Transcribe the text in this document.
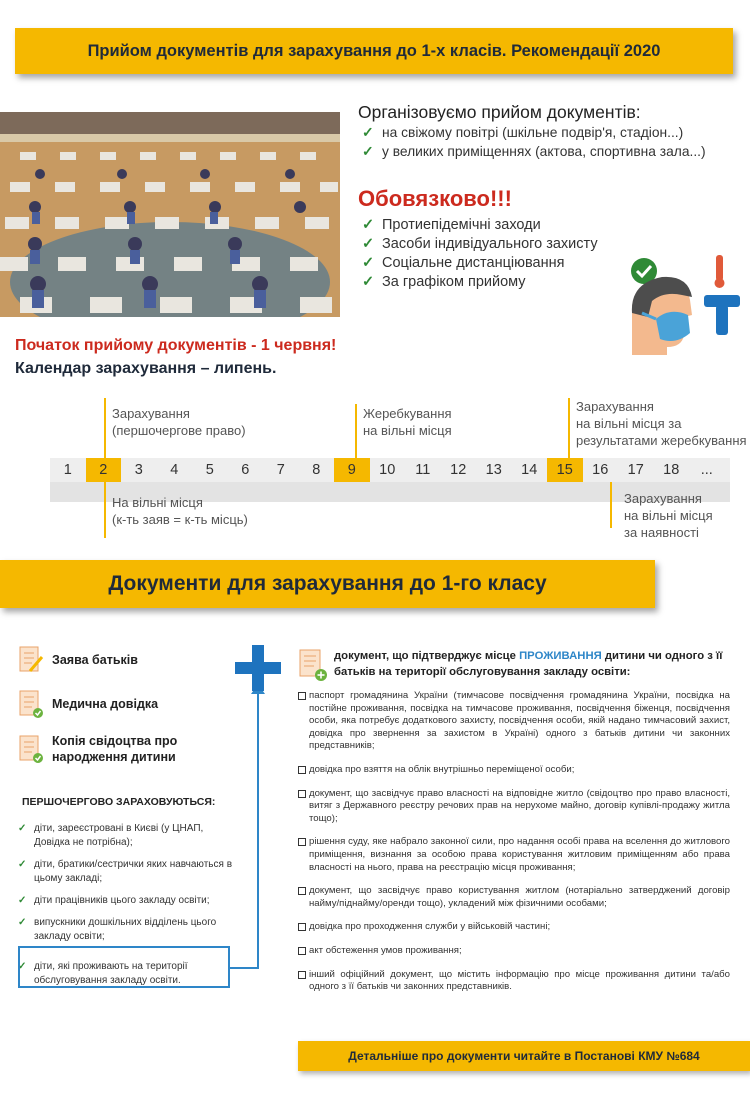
Прийом документів для зарахування до 1-х класів. Рекомендації 2020
Організовуємо прийом документів:
✓ на свіжому повітрі (шкільне подвір'я, стадіон...)
✓ у великих приміщеннях (актова, спортивна зала...)
Обовязково!!!
✓ Протиепідемічні заходи
✓ Засоби індивідуального захисту
✓ Соціальне дистанціювання
✓ За графіком прийому
Початок прийому документів - 1 червня!
Календар зарахування – липень.
1	2	3	4	5	6	7	8	9	10	11	12	13	14	15	16	17	18	...
Зарахування
(першочергове право)
На вільні місця
(к-ть заяв = к-ть місць)
Жеребкування
на вільні місця
Зарахування
на вільні місця за
результатами жеребкування
Зарахування
на вільні місця
за наявності
Документи для зарахування до 1-го класу
Заява батьків
Медична довідка
Копія свідоцтва про
народження дитини
ПЕРШОЧЕРГОВО ЗАРАХОВУЮТЬСЯ:
✓ діти, зареєстровані в Києві (у ЦНАП, Довідка не потрібна);
✓ діти, братики/сестрички яких навчаються в цьому закладі;
✓ діти працівників цього закладу освіти;
✓ випускники дошкільних відділень цього закладу освіти;
✓ діти, які проживають на території обслуговування закладу освіти.
документ, що підтверджує місце ПРОЖИВАННЯ дитини чи одного з її батьків на території обслуговування закладу освіти:
паспорт громадянина України (тимчасове посвідчення громадянина України, посвідка на постійне проживання, посвідка на тимчасове проживання, посвідчення біженця, посвідчення особи, яка потребує додаткового захисту, посвідчення особи, якій надано тимчасовий захист, довідка про звернення за захистом в Україні) одного з батьків дитини чи законних представників;
довідка про взяття на облік внутрішньо переміщеної особи;
документ, що засвідчує право власності на відповідне житло (свідоцтво про право власності, витяг з Державного реєстру речових прав на нерухоме майно, договір купівлі-продажу житла тощо);
рішення суду, яке набрало законної сили, про надання особі права на вселення до житлового приміщення, визнання за особою права користування житловим приміщенням або права власності на нього, права на реєстрацію місця проживання;
документ, що засвідчує право користування житлом (нотаріально затверджений договір найму/піднайму/оренди тощо), укладений між фізичними особами;
довідка про проходження служби у військовій частині;
акт обстеження умов проживання;
інший офіційний документ, що містить інформацію про місце проживання дитини та/або одного з її батьків чи законних представників.
Детальніше про документи читайте в Постанові КМУ №684
